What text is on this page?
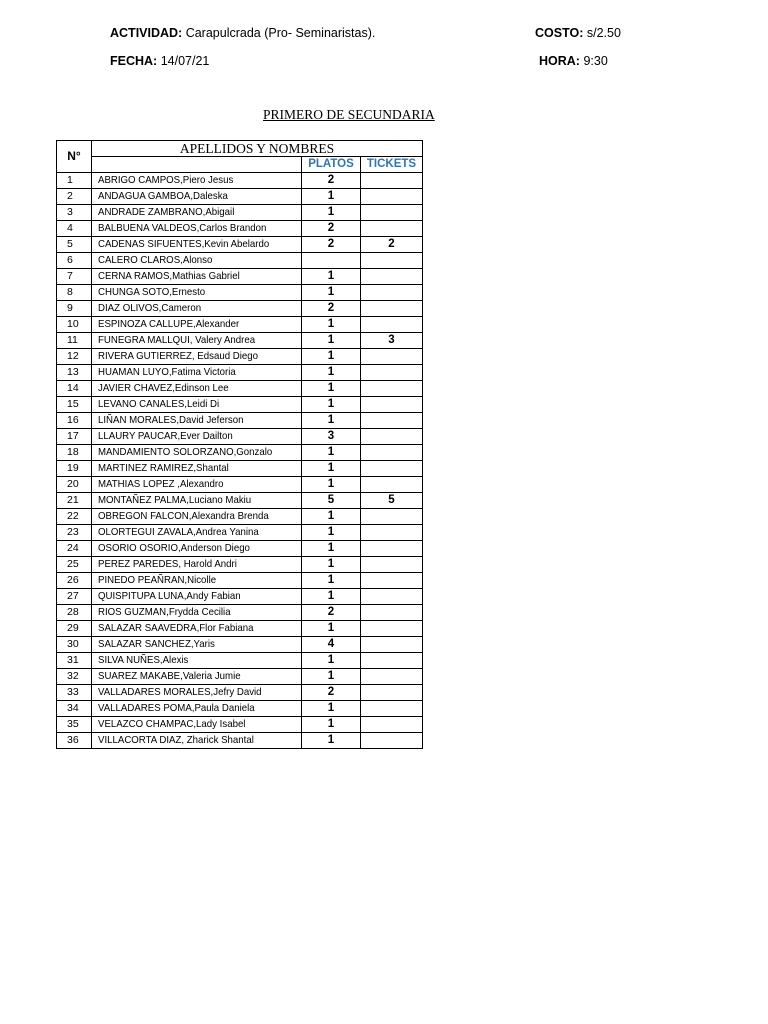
ACTIVIDAD: Carapulcrada (Pro- Seminaristas).	COSTO: s/2.50
FECHA: 14/07/21	HORA: 9:30
PRIMERO DE SECUNDARIA
N°	APELLIDOS Y NOMBRES		
		PLATOS	TICKETS
1	ABRIGO CAMPOS,Piero Jesus	2	
2	ANDAGUA GAMBOA,Daleska	1	
3	ANDRADE ZAMBRANO,Abigail	1	
4	BALBUENA VALDEOS,Carlos Brandon	2	
5	CADENAS SIFUENTES,Kevin Abelardo	2	2
6	CALERO CLAROS,Alonso		
7	CERNA RAMOS,Mathias Gabriel	1	
8	CHUNGA SOTO,Ernesto	1	
9	DIAZ OLIVOS,Cameron	2	
10	ESPINOZA CALLUPE,Alexander	1	
11	FUNEGRA MALLQUI, Valery Andrea	1	3
12	RIVERA GUTIERREZ, Edsaud Diego	1	
13	HUAMAN LUYO,Fatima Victoria	1	
14	JAVIER CHAVEZ,Edinson Lee	1	
15	LEVANO CANALES,Leidi Di	1	
16	LIÑAN MORALES,David Jeferson	1	
17	LLAURY PAUCAR,Ever Dailton	3	
18	MANDAMIENTO SOLORZANO,Gonzalo	1	
19	MARTINEZ RAMIREZ,Shantal	1	
20	MATHIAS LOPEZ ,Alexandro	1	
21	MONTAÑEZ PALMA,Luciano Makiu	5	5
22	OBREGON FALCON,Alexandra Brenda	1	
23	OLORTEGUI ZAVALA,Andrea Yanina	1	
24	OSORIO OSORIO,Anderson Diego	1	
25	PEREZ PAREDES, Harold Andri	1	
26	PINEDO PEAÑRAN,Nicolle	1	
27	QUISPITUPA LUNA,Andy Fabian	1	
28	RIOS GUZMAN,Frydda Cecilia	2	
29	SALAZAR SAAVEDRA,Flor Fabiana	1	
30	SALAZAR SANCHEZ,Yaris	4	
31	SILVA NUÑES,Alexis	1	
32	SUAREZ MAKABE,Valeria Jumie	1	
33	VALLADARES MORALES,Jefry David	2	
34	VALLADARES POMA,Paula Daniela	1	
35	VELAZCO CHAMPAC,Lady Isabel	1	
36	VILLACORTA DIAZ, Zharick Shantal	1	
